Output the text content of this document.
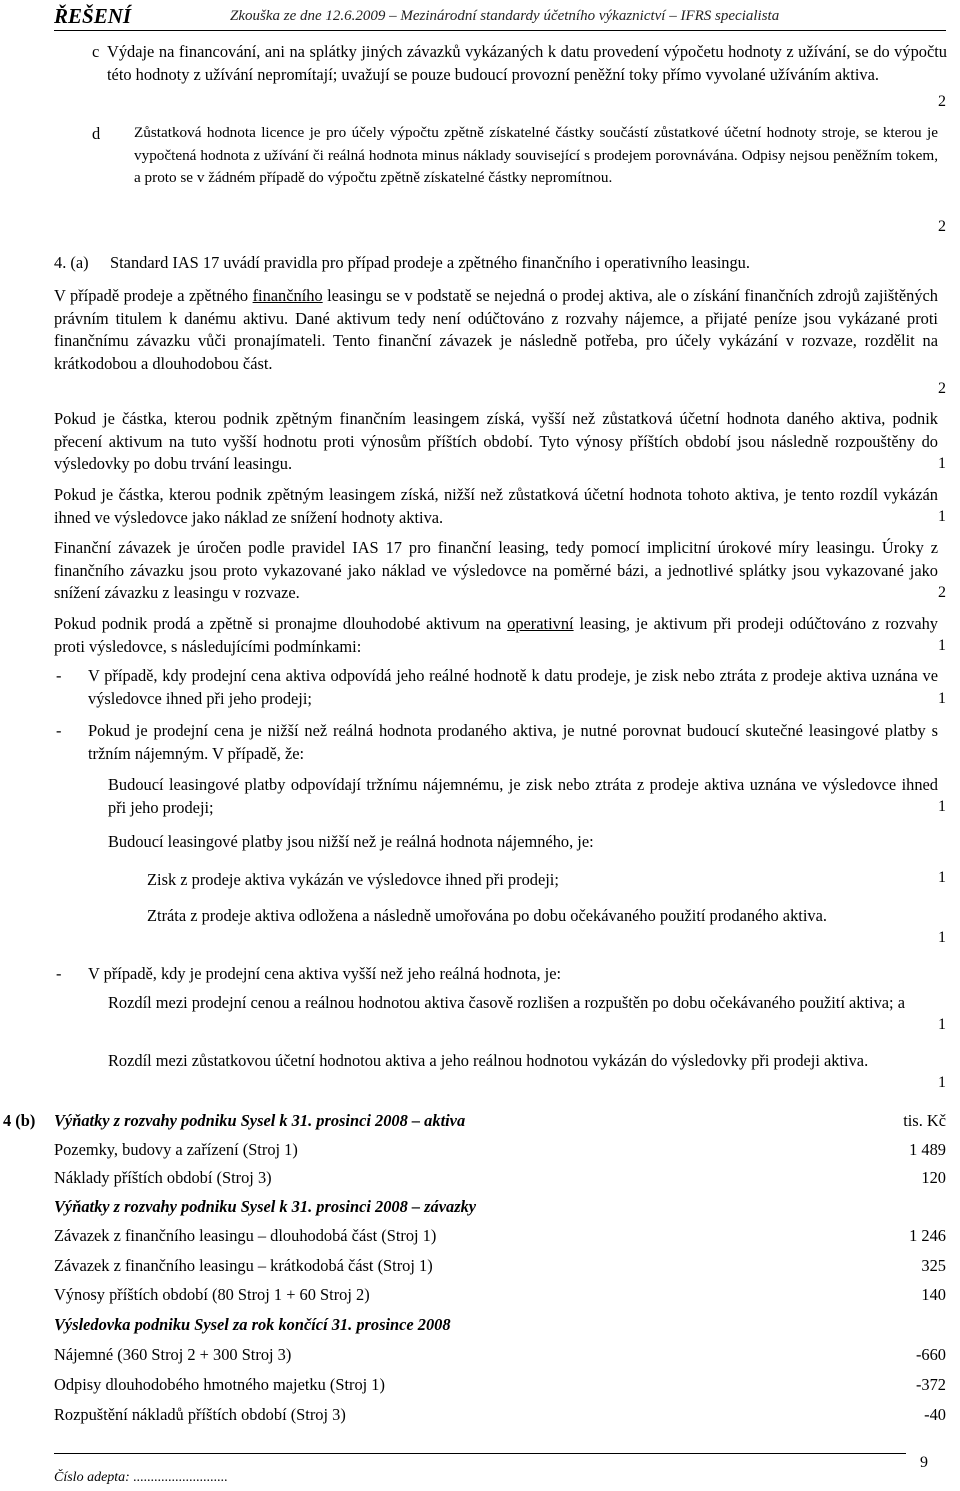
ŘEŠENÍ	Zkouška ze dne 12.6.2009 – Mezinárodní standardy účetního výkaznictví – IFRS specialista
c Výdaje na financování, ani na splátky jiných závazků vykázaných k datu provedení výpočetu hodnoty z užívání, se do výpočtu této hodnoty z užívání nepromítají; uvažují se pouze budoucí provozní peněžní toky přímo vyvolané užíváním aktiva.
2
d Zůstatková hodnota licence je pro účely výpočtu zpětně získatelné částky součástí zůstatkové účetní hodnoty stroje, se kterou je vypočtená hodnota z užívání či reálná hodnota minus náklady související s prodejem porovnávána. Odpisy nejsou peněžním tokem, a proto se v žádném případě do výpočtu zpětně získatelné částky nepromítnou.
2
4. (a) Standard IAS 17 uvádí pravidla pro případ prodeje a zpětného finančního i operativního leasingu.
V případě prodeje a zpětného finančního leasingu se v podstatě se nejedná o prodej aktiva, ale o získání finančních zdrojů zajištěných právním titulem k danému aktivu. Dané aktivum tedy není odúčtováno z rozvahy nájemce, a přijaté peníze jsou vykázané proti finančnímu závazku vůči pronajímateli. Tento finanční závazek je následně potřeba, pro účely vykázání v rozvaze, rozdělit na krátkodobou a dlouhodobou část.
2
Pokud je částka, kterou podnik zpětným finančním leasingem získá, vyšší než zůstatková účetní hodnota daného aktiva, podnik přecení aktivum na tuto vyšší hodnotu proti výnosům příštích období. Tyto výnosy příštích období jsou následně rozpouštěny do výsledovky po dobu trvání leasingu.	1
Pokud je částka, kterou podnik zpětným leasingem získá, nižší než zůstatková účetní hodnota tohoto aktiva, je tento rozdíl vykázán ihned ve výsledovce jako náklad ze snížení hodnoty aktiva.	1
Finanční závazek je úročen podle pravidel IAS 17 pro finanční leasing, tedy pomocí implicitní úrokové míry leasingu. Úroky z finančního závazku jsou proto vykazované jako náklad ve výsledovce na poměrné bázi, a jednotlivé splátky jsou vykazované jako snížení závazku z leasingu v rozvaze.	2
Pokud podnik prodá a zpětně si pronajme dlouhodobé aktivum na operativní leasing, je aktivum při prodeji odúčtováno z rozvahy proti výsledovce, s následujícími podmínkami:	1
- V případě, kdy prodejní cena aktiva odpovídá jeho reálné hodnotě k datu prodeje, je zisk nebo ztráta z prodeje aktiva uznána ve výsledovce ihned při jeho prodeji;	1
- Pokud je prodejní cena je nižší než reálná hodnota prodaného aktiva, je nutné porovnat budoucí skutečné leasingové platby s tržním nájemným. V případě, že:
Budoucí leasingové platby odpovídají tržnímu nájemnému, je zisk nebo ztráta z prodeje aktiva uznána ve výsledovce ihned při jeho prodeji;	1
Budoucí leasingové platby jsou nižší než je reálná hodnota nájemného, je:
Zisk z prodeje aktiva vykázán ve výsledovce ihned při prodeji;	1
Ztráta z prodeje aktiva odložena a následně umořována po dobu očekávaného použití prodaného aktiva.
1
- V případě, kdy je prodejní cena aktiva vyšší než jeho reálná hodnota, je:
Rozdíl mezi prodejní cenou a reálnou hodnotou aktiva časově rozlišen a rozpuštěn po dobu očekávaného použití aktiva; a
1
Rozdíl mezi zůstatkovou účetní hodnotou aktiva a jeho reálnou hodnotou vykázán do výsledovky při prodeji aktiva.
1
4 (b) Výňatky z rozvahy podniku Sysel k 31. prosinci 2008 – aktiva	tis. Kč
Pozemky, budovy a zařízení (Stroj 1)	1 489
Náklady příštích období (Stroj 3)	120
Výňatky z rozvahy podniku Sysel k 31. prosinci 2008 – závazky
Závazek z finančního leasingu – dlouhodobá část (Stroj 1)	1 246
Závazek z finančního leasingu – krátkodobá část (Stroj 1)	325
Výnosy příštích období (80 Stroj 1 + 60 Stroj 2)	140
Výsledovka podniku Sysel za rok končící 31. prosince 2008
Nájemné (360 Stroj 2 + 300 Stroj 3)	-660
Odpisy dlouhodobého hmotného majetku (Stroj 1)	-372
Rozpuštění nákladů příštích období (Stroj 3)	-40
Číslo adepta: ...........................
9
